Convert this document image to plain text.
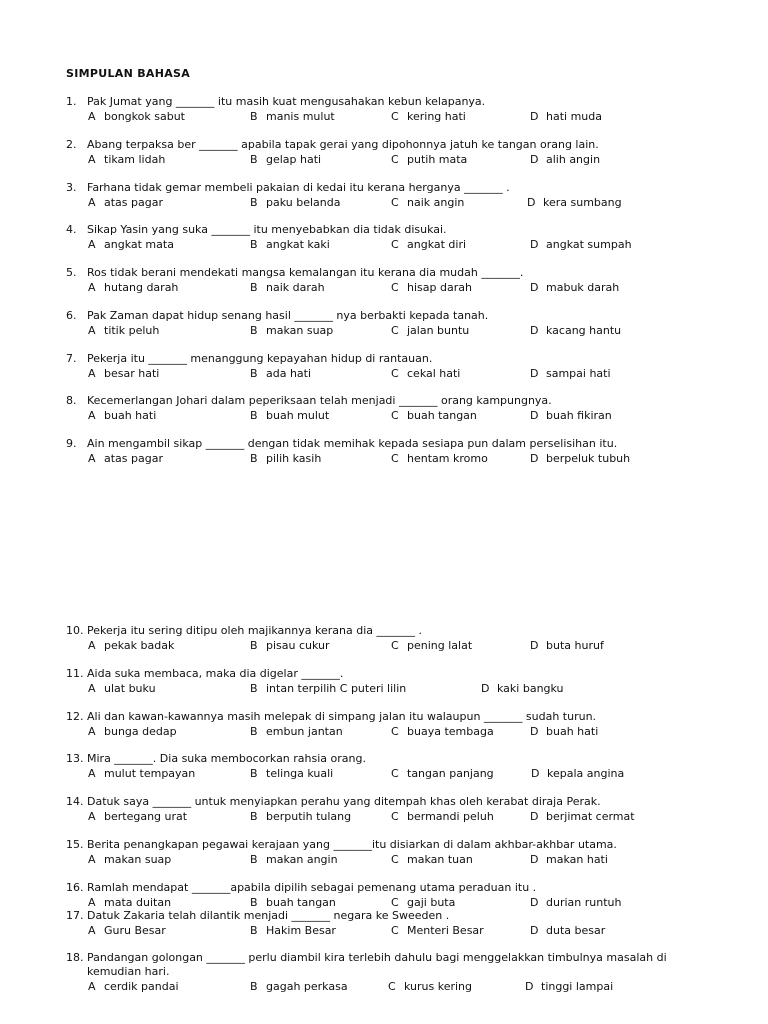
SIMPULAN BAHASA
1. Pak Jumat yang _______ itu masih kuat mengusahakan kebun kelapanya.
A bongkok sabut	B manis mulut	C kering hati	D hati muda
2. Abang terpaksa ber _______ apabila tapak gerai yang dipohonnya jatuh ke tangan orang lain.
A tikam lidah	B gelap hati	C putih mata	D alih angin
3. Farhana tidak gemar membeli pakaian di kedai itu kerana herganya _______ .
A atas pagar	B paku belanda	C naik angin	D kera sumbang
4. Sikap Yasin yang suka _______ itu menyebabkan dia tidak disukai.
A angkat mata	B angkat kaki	C angkat diri	D angkat sumpah
5. Ros tidak berani mendekati mangsa kemalangan itu kerana dia mudah _______.
A hutang darah	B naik darah	C hisap darah	D mabuk darah
6. Pak Zaman dapat hidup senang hasil _______ nya berbakti kepada tanah.
A titik peluh	B makan suap	C jalan buntu	D kacang hantu
7. Pekerja itu _______ menanggung kepayahan hidup di rantauan.
A besar hati	B ada hati	C cekal hati	D sampai hati
8. Kecemerlangan Johari dalam peperiksaan telah menjadi _______ orang kampungnya.
A buah hati	B buah mulut	C buah tangan	D buah fikiran
9. Ain mengambil sikap _______ dengan tidak memihak kepada sesiapa pun dalam perselisihan itu.
A atas pagar	B pilih kasih	C hentam kromo	D berpeluk tubuh
10. Pekerja itu sering ditipu oleh majikannya kerana dia _______ .
A pekak badak	B pisau cukur	C pening lalat	D buta huruf
11. Aida suka membaca, maka dia digelar _______.
A ulat buku	B intan terpilih C puteri lilin	D kaki bangku
12. Ali dan kawan-kawannya masih melepak di simpang jalan itu walaupun _______ sudah turun.
A bunga dedap	B embun jantan	C buaya tembaga	D buah hati
13. Mira _______. Dia suka membocorkan rahsia orang.
A mulut tempayan	B telinga kuali	C tangan panjang	D kepala angina
14. Datuk saya _______ untuk menyiapkan perahu yang ditempah khas oleh kerabat diraja Perak.
A bertegang urat	B berputih tulang	C bermandi peluh	D berjimat cermat
15. Berita penangkapan pegawai kerajaan yang _______itu disiarkan di dalam akhbar-akhbar utama.
A makan suap	B makan angin	C makan tuan	D makan hati
16. Ramlah mendapat _______apabila dipilih sebagai pemenang utama peraduan itu .
A mata duitan	B buah tangan	C gaji buta	D durian runtuh
17. Datuk Zakaria telah dilantik menjadi _______ negara ke Sweeden .
A Guru Besar	B Hakim Besar	C Menteri Besar	D duta besar
18. Pandangan golongan _______ perlu diambil kira terlebih dahulu bagi menggelakkan timbulnya masalah di
kemudian hari.
A cerdik pandai	B gagah perkasa	C kurus kering	D tinggi lampai
